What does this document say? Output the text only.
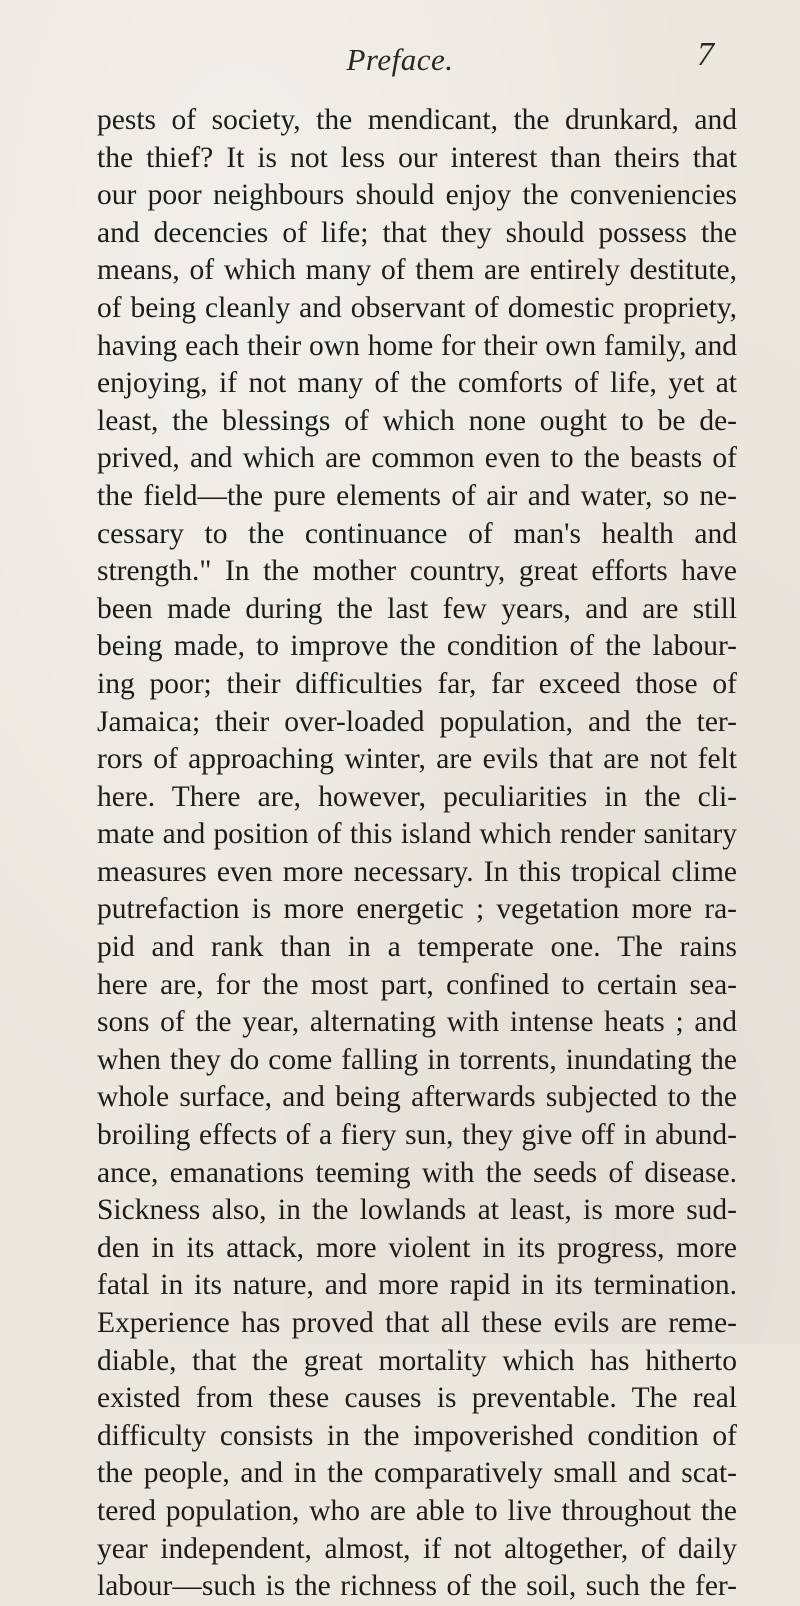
Preface.	7
pests of society, the mendicant, the drunkard, and
the thief? It is not less our interest than theirs that
our poor neighbours should enjoy the conveniencies
and decencies of life; that they should possess the
means, of which many of them are entirely destitute,
of being cleanly and observant of domestic propriety,
having each their own home for their own family, and
enjoying, if not many of the comforts of life, yet at
least, the blessings of which none ought to be de-
prived, and which are common even to the beasts of
the field—the pure elements of air and water, so ne-
cessary to the continuance of man's health and
strength." In the mother country, great efforts have
been made during the last few years, and are still
being made, to improve the condition of the labour-
ing poor; their difficulties far, far exceed those of
Jamaica; their over-loaded population, and the ter-
rors of approaching winter, are evils that are not felt
here. There are, however, peculiarities in the cli-
mate and position of this island which render sanitary
measures even more necessary. In this tropical clime
putrefaction is more energetic ; vegetation more ra-
pid and rank than in a temperate one. The rains
here are, for the most part, confined to certain sea-
sons of the year, alternating with intense heats ; and
when they do come falling in torrents, inundating the
whole surface, and being afterwards subjected to the
broiling effects of a fiery sun, they give off in abund-
ance, emanations teeming with the seeds of disease.
Sickness also, in the lowlands at least, is more sud-
den in its attack, more violent in its progress, more
fatal in its nature, and more rapid in its termination.
Experience has proved that all these evils are reme-
diable, that the great mortality which has hitherto
existed from these causes is preventable. The real
difficulty consists in the impoverished condition of
the people, and in the comparatively small and scat-
tered population, who are able to live throughout the
year independent, almost, if not altogether, of daily
labour—such is the richness of the soil, such the fer-
